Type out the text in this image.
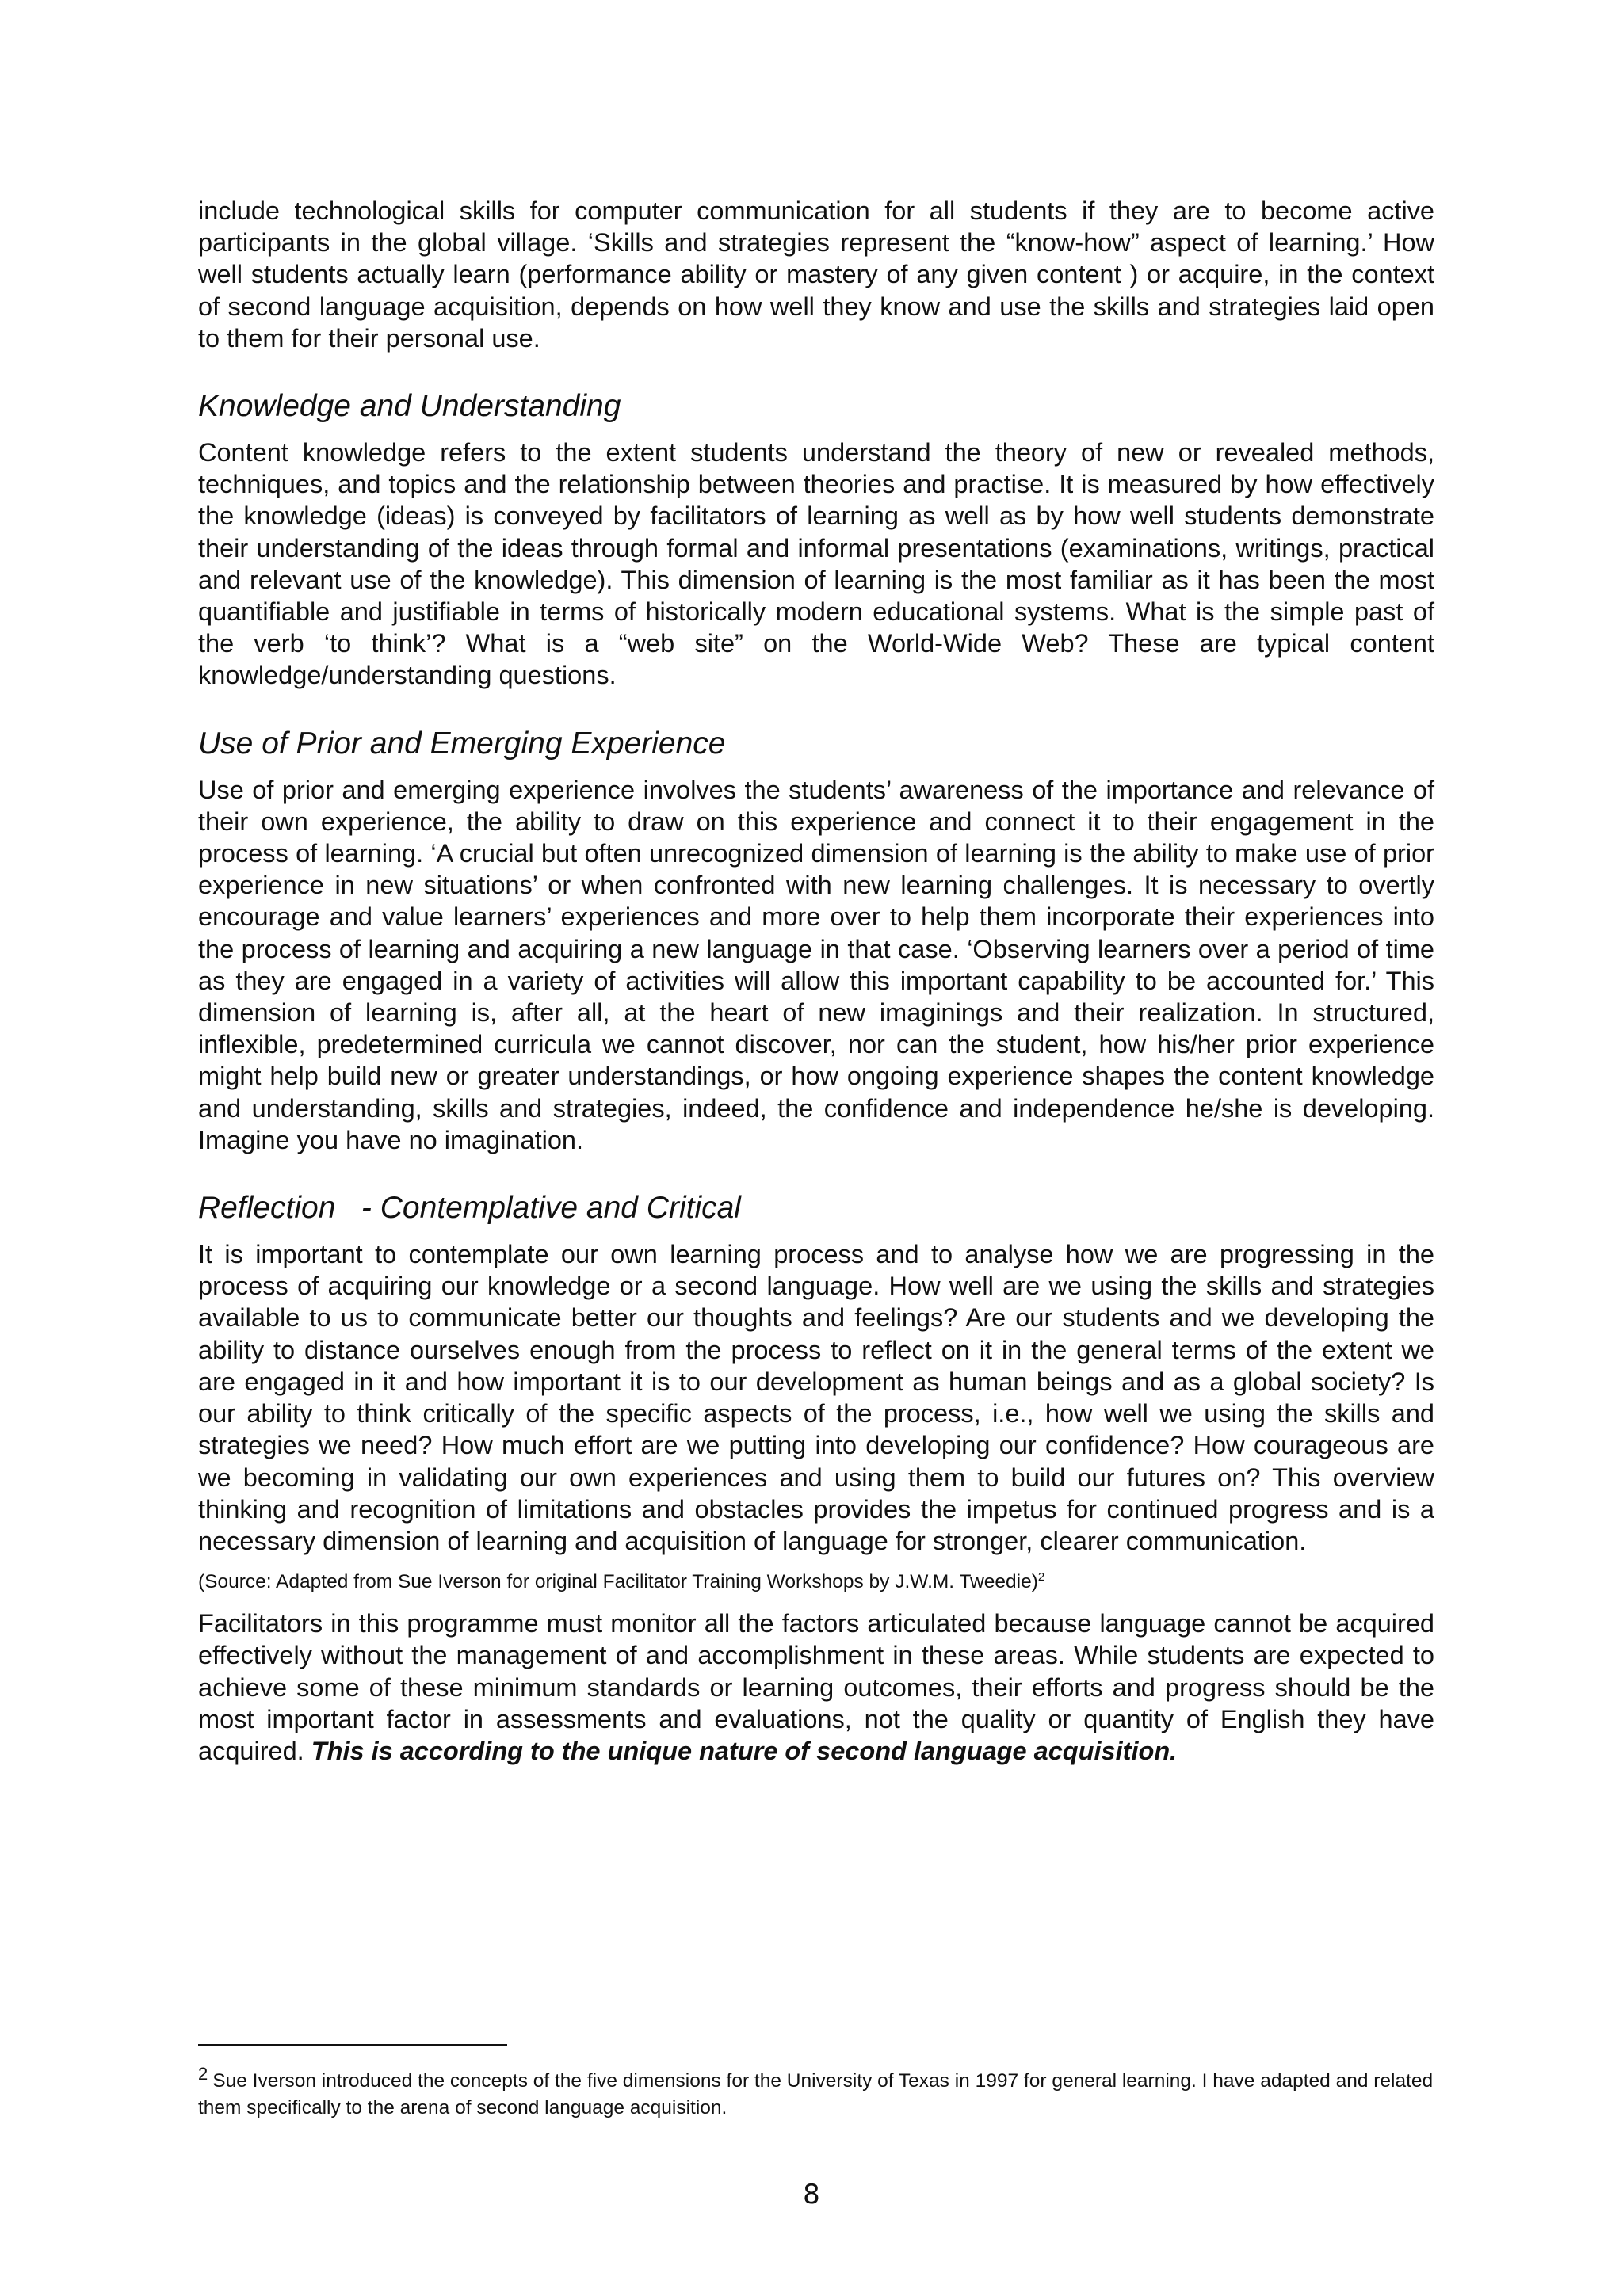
include technological skills for computer communication for all students if they are to become active participants in the global village. ‘Skills and strategies represent the “know-how” aspect of learning.’ How well students actually learn (performance ability or mastery of any given content ) or acquire, in the context of second language acquisition, depends on how well they know and use the skills and strategies laid open to them for their personal use.

Knowledge and Understanding

Content knowledge refers to the extent students understand the theory of new or revealed methods, techniques, and topics and the relationship between theories and practise. It is measured by how effectively the knowledge (ideas) is conveyed by facilitators of learning as well as by how well students demonstrate their understanding of the ideas through formal and informal presentations (examinations, writings, practical and relevant use of the knowledge). This dimension of learning is the most familiar as it has been the most quantifiable and justifiable in terms of historically modern educational systems. What is the simple past of the verb ‘to think’? What is a “web site” on the World-Wide Web? These are typical content knowledge/understanding questions.

Use of Prior and Emerging Experience

Use of prior and emerging experience involves the students’ awareness of the importance and relevance of their own experience, the ability to draw on this experience and connect it to their engagement in the process of learning. ‘A crucial but often unrecognized dimension of learning is the ability to make use of prior experience in new situations’ or when confronted with new learning challenges. It is necessary to overtly encourage and value learners’ experiences and more over to help them incorporate their experiences into the process of learning and acquiring a new language in that case. ‘Observing learners over a period of time as they are engaged in a variety of activities will allow this important capability to be accounted for.’ This dimension of learning is, after all, at the heart of new imaginings and their realization. In structured, inflexible, predetermined curricula we cannot discover, nor can the student, how his/her prior experience might help build new or greater understandings, or how ongoing experience shapes the content knowledge and understanding, skills and strategies, indeed, the confidence and independence he/she is developing. Imagine you have no imagination.

Reflection   - Contemplative and Critical

It is important to contemplate our own learning process and to analyse how we are progressing in the process of acquiring our knowledge or a second language. How well are we using the skills and strategies available to us to communicate better our thoughts and feelings? Are our students and we developing the ability to distance ourselves enough from the process to reflect on it in the general terms of the extent we are engaged in it and how important it is to our development as human beings and as a global society? Is our ability to think critically of the specific aspects of the process, i.e., how well we using the skills and strategies we need? How much effort are we putting into developing our confidence? How courageous are we becoming in validating our own experiences and using them to build our futures on? This overview thinking and recognition of limitations and obstacles provides the impetus for continued progress and is a necessary dimension of learning and acquisition of language for stronger, clearer communication.

(Source: Adapted from Sue Iverson for original Facilitator Training Workshops by J.W.M. Tweedie)$^2$

Facilitators in this programme must monitor all the factors articulated because language cannot be acquired effectively without the management of and accomplishment in these areas. While students are expected to achieve some of these minimum standards or learning outcomes, their efforts and progress should be the most important factor in assessments and evaluations, not the quality or quantity of English they have acquired. This is according to the unique nature of second language acquisition.

$^2$ Sue Iverson introduced the concepts of the five dimensions for the University of Texas in 1997 for general learning. I have adapted and related them specifically to the arena of second language acquisition.

8
